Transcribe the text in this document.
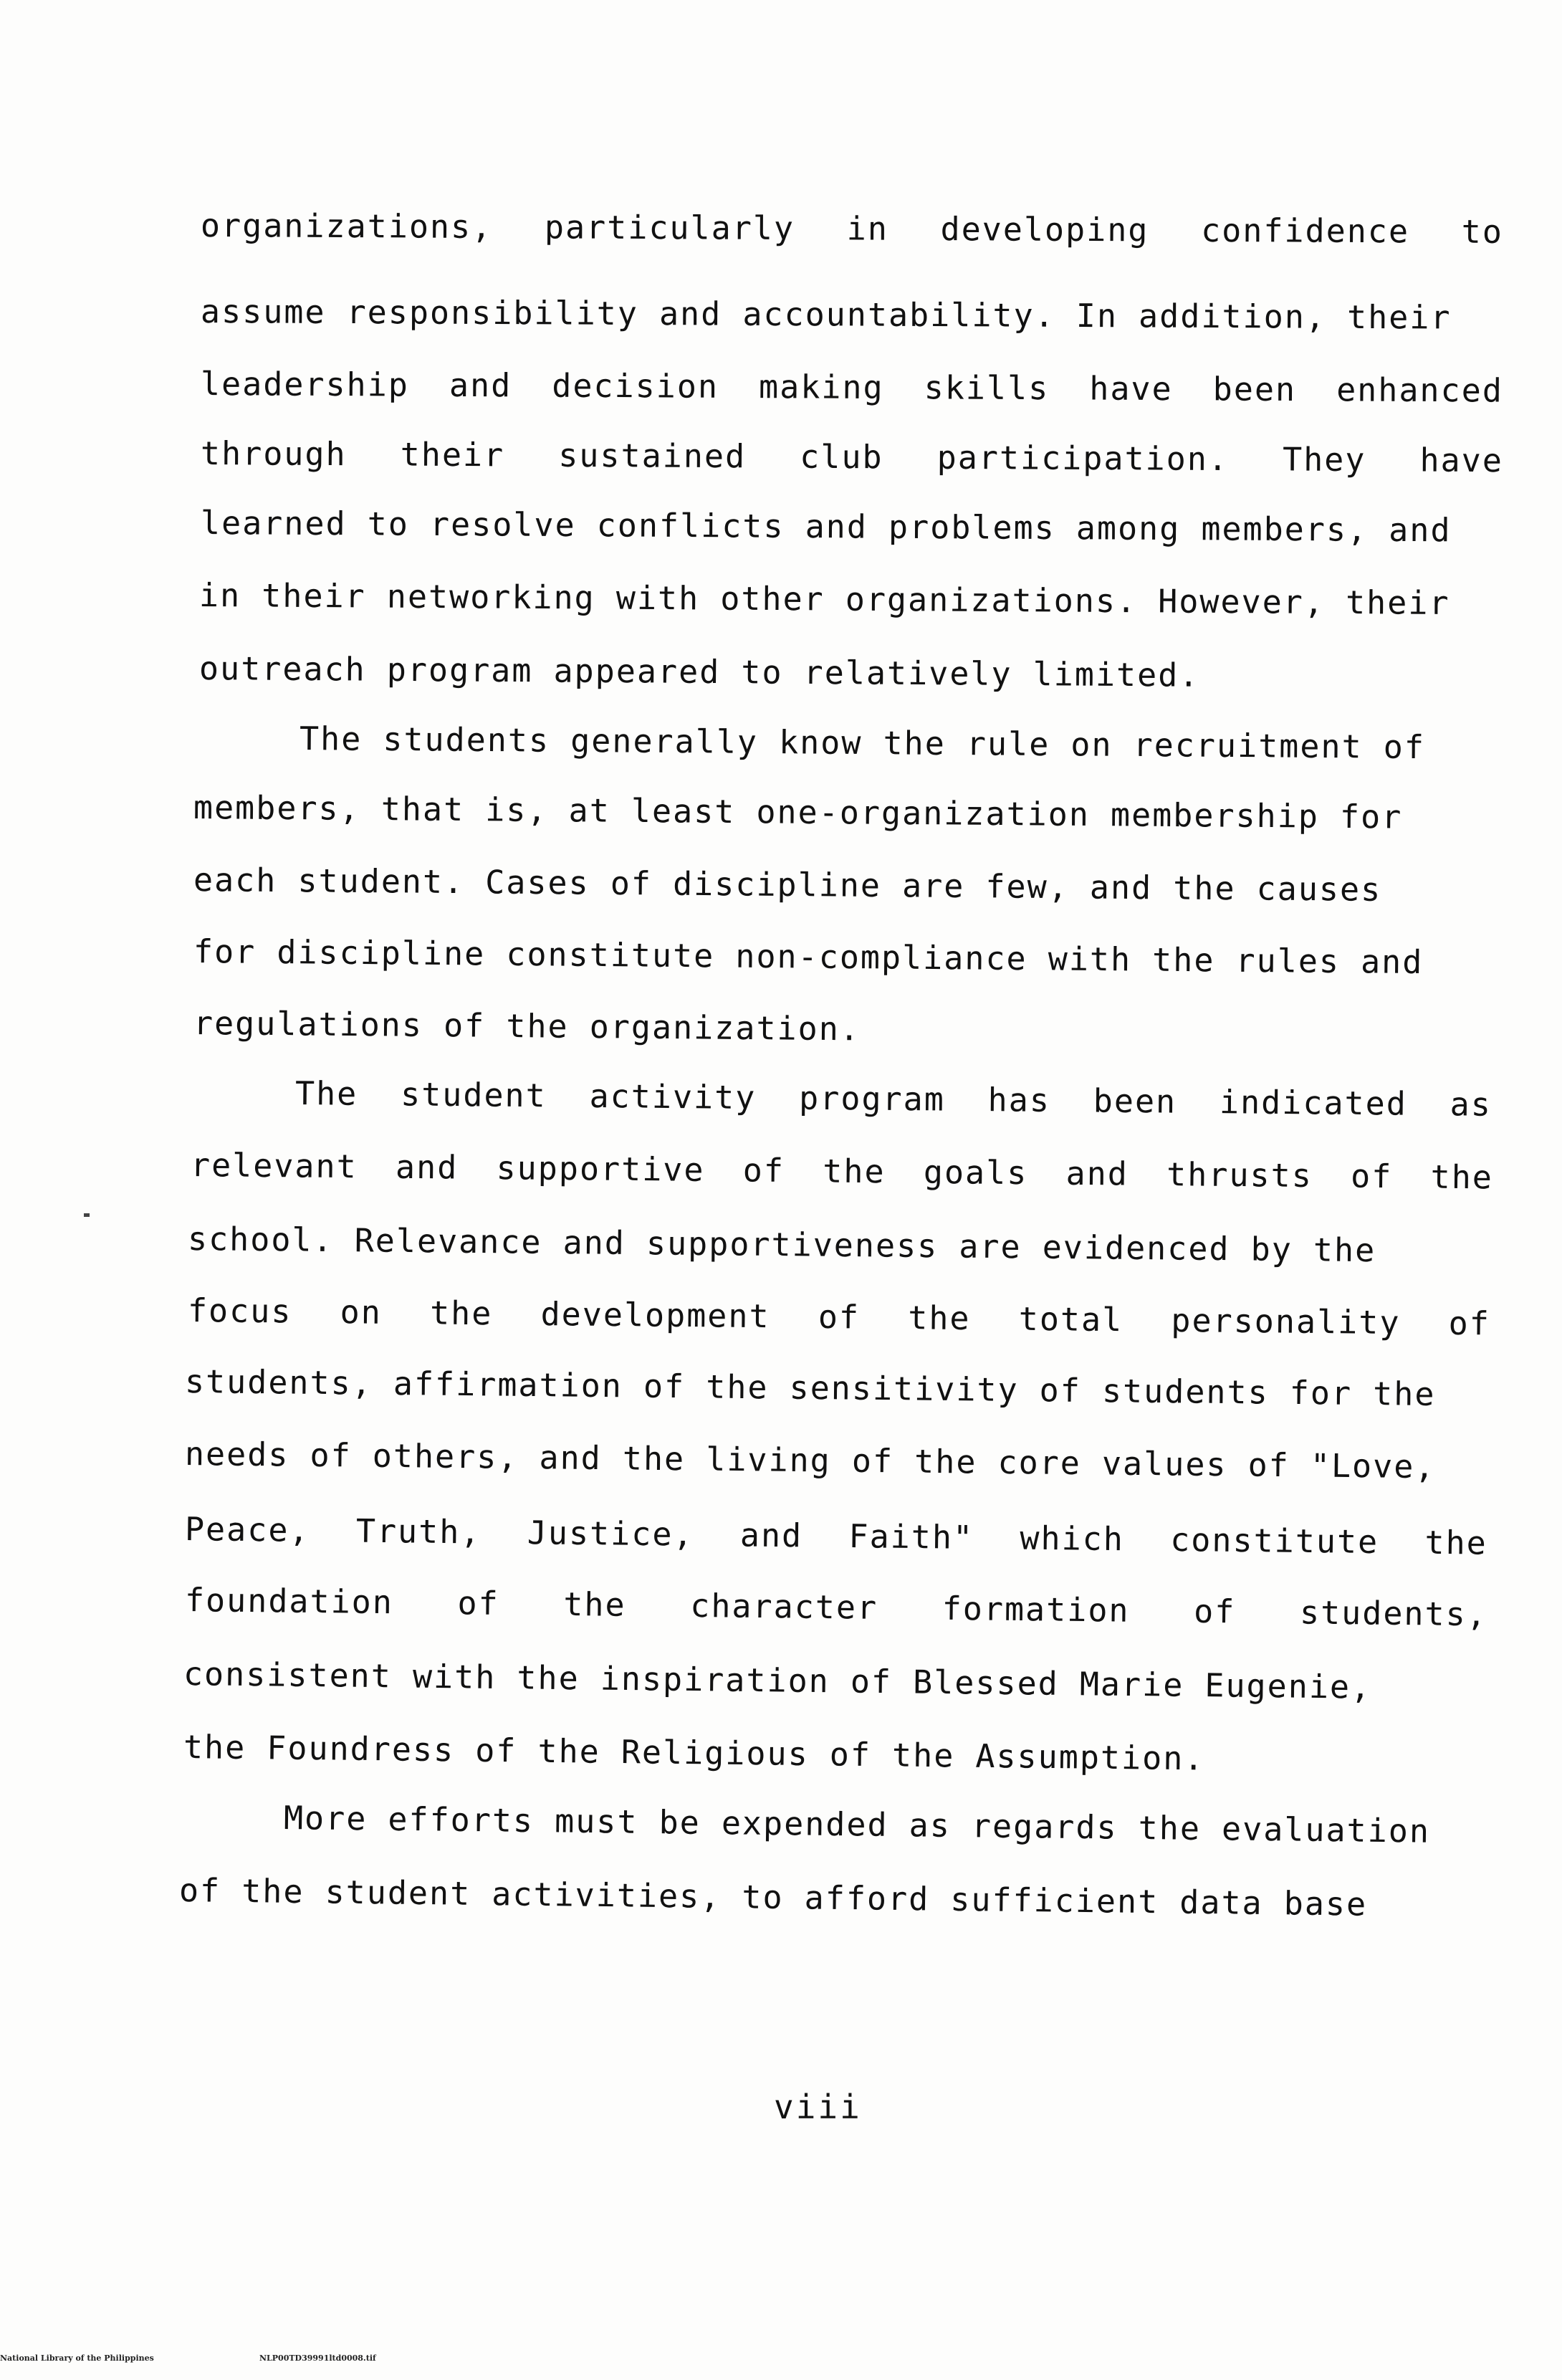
organizations, particularly in developing confidence to
assume responsibility and accountability. In addition, their
leadership and decision making skills have been enhanced
through their sustained club participation. They have
learned to resolve conflicts and problems among members, and
in their networking with other organizations. However, their
outreach program appeared to relatively limited.
The students generally know the rule on recruitment of
members, that is, at least one-organization membership for
each student. Cases of discipline are few, and the causes
for discipline constitute non-compliance with the rules and
regulations of the organization.
The student activity program has been indicated as
relevant and supportive of the goals and thrusts of the
school. Relevance and supportiveness are evidenced by the
focus on the development of the total personality of
students, affirmation of the sensitivity of students for the
needs of others, and the living of the core values of "Love,
Peace, Truth, Justice, and Faith" which constitute the
foundation of the character formation of students,
consistent with the inspiration of Blessed Marie Eugenie,
the Foundress of the Religious of the Assumption.
More efforts must be expended as regards the evaluation
of the student activities, to afford sufficient data base
viii

National Library of the Philippines

	NLP00TD39991ltd0008.tif
